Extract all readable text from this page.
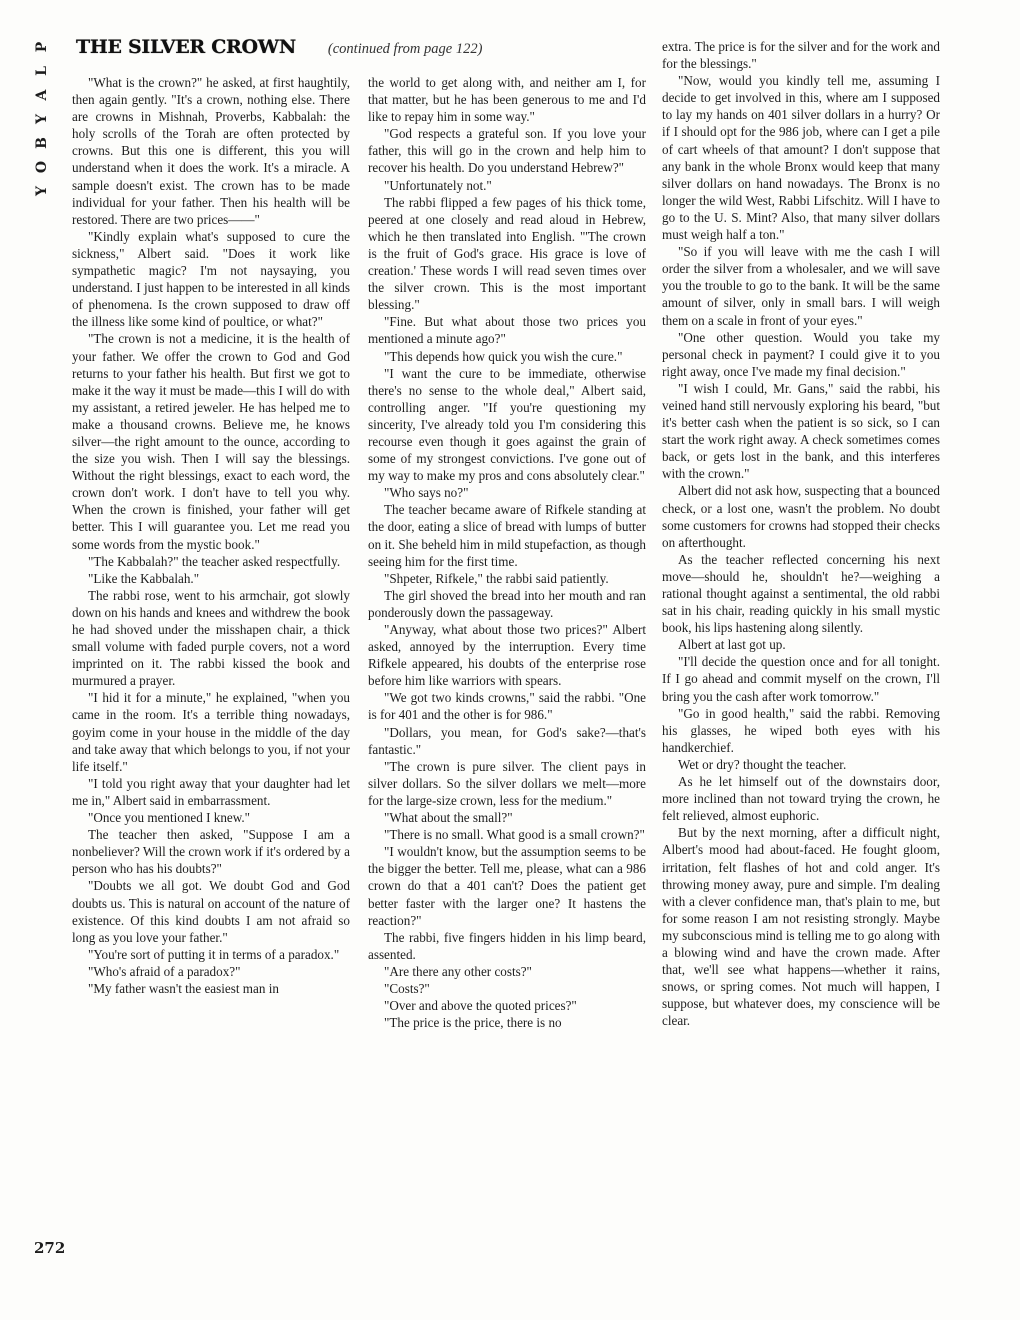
P
L
A
Y
B
O
Y
THE SILVER CROWN (continued from page 122)

"What is the crown?" he asked, at first haughtily, then again gently. "It's a crown, nothing else. There are crowns in Mishnah, Proverbs, Kabbalah: the holy scrolls of the Torah are often protected by crowns. But this one is different, this you will understand when it does the work. It's a miracle. A sample doesn't exist. The crown has to be made individual for your father. Then his health will be restored. There are two prices——"

"Kindly explain what's supposed to cure the sickness," Albert said. "Does it work like sympathetic magic? I'm not naysaying, you understand. I just happen to be interested in all kinds of phenomena. Is the crown supposed to draw off the illness like some kind of poultice, or what?"

"The crown is not a medicine, it is the health of your father. We offer the crown to God and God returns to your father his health. But first we got to make it the way it must be made—this I will do with my assistant, a retired jeweler. He has helped me to make a thousand crowns. Believe me, he knows silver—the right amount to the ounce, according to the size you wish. Then I will say the blessings. Without the right blessings, exact to each word, the crown don't work. I don't have to tell you why. When the crown is finished, your father will get better. This I will guarantee you. Let me read you some words from the mystic book."

"The Kabbalah?" the teacher asked respectfully.

"Like the Kabbalah."

The rabbi rose, went to his armchair, got slowly down on his hands and knees and withdrew the book he had shoved under the misshapen chair, a thick small volume with faded purple covers, not a word imprinted on it. The rabbi kissed the book and murmured a prayer.

"I hid it for a minute," he explained, "when you came in the room. It's a terrible thing nowadays, goyim come in your house in the middle of the day and take away that which belongs to you, if not your life itself."

"I told you right away that your daughter had let me in," Albert said in embarrassment.

"Once you mentioned I knew."

The teacher then asked, "Suppose I am a nonbeliever? Will the crown work if it's ordered by a person who has his doubts?"

"Doubts we all got. We doubt God and God doubts us. This is natural on account of the nature of existence. Of this kind doubts I am not afraid so long as you love your father."

"You're sort of putting it in terms of a paradox."

"Who's afraid of a paradox?"

"My father wasn't the easiest man in

the world to get along with, and neither am I, for that matter, but he has been generous to me and I'd like to repay him in some way."

"God respects a grateful son. If you love your father, this will go in the crown and help him to recover his health. Do you understand Hebrew?"

"Unfortunately not."

The rabbi flipped a few pages of his thick tome, peered at one closely and read aloud in Hebrew, which he then translated into English. "'The crown is the fruit of God's grace. His grace is love of creation.' These words I will read seven times over the silver crown. This is the most important blessing."

"Fine. But what about those two prices you mentioned a minute ago?"

"This depends how quick you wish the cure."

"I want the cure to be immediate, otherwise there's no sense to the whole deal," Albert said, controlling anger. "If you're questioning my sincerity, I've already told you I'm considering this recourse even though it goes against the grain of some of my strongest convictions. I've gone out of my way to make my pros and cons absolutely clear."

"Who says no?"

The teacher became aware of Rifkele standing at the door, eating a slice of bread with lumps of butter on it. She beheld him in mild stupefaction, as though seeing him for the first time.

"Shpeter, Rifkele," the rabbi said patiently.

The girl shoved the bread into her mouth and ran ponderously down the passageway.

"Anyway, what about those two prices?" Albert asked, annoyed by the interruption. Every time Rifkele appeared, his doubts of the enterprise rose before him like warriors with spears.

"We got two kinds crowns," said the rabbi. "One is for 401 and the other is for 986."

"Dollars, you mean, for God's sake?—that's fantastic."

"The crown is pure silver. The client pays in silver dollars. So the silver dollars we melt—more for the large-size crown, less for the medium."

"What about the small?"

"There is no small. What good is a small crown?"

"I wouldn't know, but the assumption seems to be the bigger the better. Tell me, please, what can a 986 crown do that a 401 can't? Does the patient get better faster with the larger one? It hastens the reaction?"

The rabbi, five fingers hidden in his limp beard, assented.

"Are there any other costs?"

"Costs?"

"Over and above the quoted prices?"

"The price is the price, there is no

extra. The price is for the silver and for the work and for the blessings."

"Now, would you kindly tell me, assuming I decide to get involved in this, where am I supposed to lay my hands on 401 silver dollars in a hurry? Or if I should opt for the 986 job, where can I get a pile of cart wheels of that amount? I don't suppose that any bank in the whole Bronx would keep that many silver dollars on hand nowadays. The Bronx is no longer the wild West, Rabbi Lifschitz. Will I have to go to the U. S. Mint? Also, that many silver dollars must weigh half a ton."

"So if you will leave with me the cash I will order the silver from a wholesaler, and we will save you the trouble to go to the bank. It will be the same amount of silver, only in small bars. I will weigh them on a scale in front of your eyes."

"One other question. Would you take my personal check in payment? I could give it to you right away, once I've made my final decision."

"I wish I could, Mr. Gans," said the rabbi, his veined hand still nervously exploring his beard, "but it's better cash when the patient is so sick, so I can start the work right away. A check sometimes comes back, or gets lost in the bank, and this interferes with the crown."

Albert did not ask how, suspecting that a bounced check, or a lost one, wasn't the problem. No doubt some customers for crowns had stopped their checks on afterthought.

As the teacher reflected concerning his next move—should he, shouldn't he?—weighing a rational thought against a sentimental, the old rabbi sat in his chair, reading quickly in his small mystic book, his lips hastening along silently.

Albert at last got up.

"I'll decide the question once and for all tonight. If I go ahead and commit myself on the crown, I'll bring you the cash after work tomorrow."

"Go in good health," said the rabbi. Removing his glasses, he wiped both eyes with his handkerchief.

Wet or dry? thought the teacher.

As he let himself out of the downstairs door, more inclined than not toward trying the crown, he felt relieved, almost euphoric.

But by the next morning, after a difficult night, Albert's mood had about-faced. He fought gloom, irritation, felt flashes of hot and cold anger. It's throwing money away, pure and simple. I'm dealing with a clever confidence man, that's plain to me, but for some reason I am not resisting strongly. Maybe my subconscious mind is telling me to go along with a blowing wind and have the crown made. After that, we'll see what happens—whether it rains, snows, or spring comes. Not much will happen, I suppose, but whatever does, my conscience will be clear.

272
